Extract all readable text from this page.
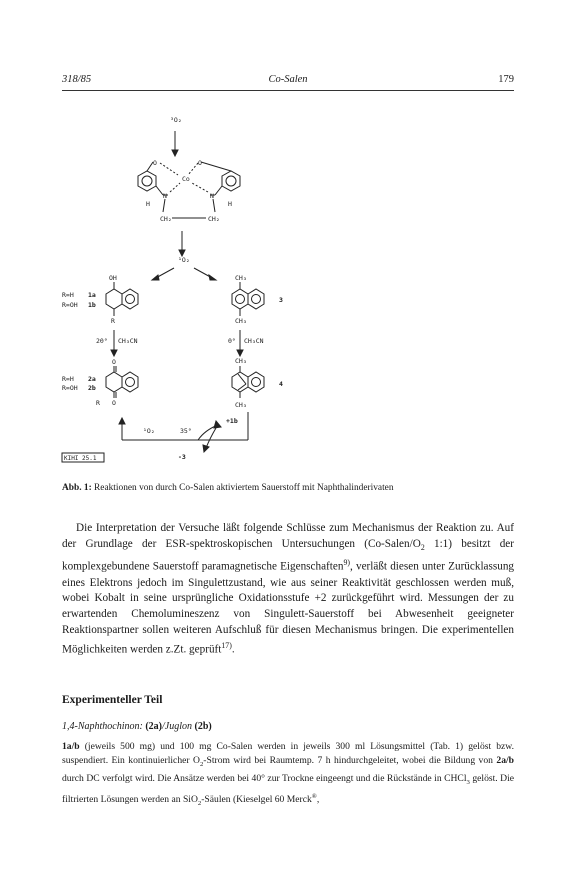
318/85	Co-Salen	179
³O₂
O	O
Co
N	N
H	H
CH₂	CH₂
¹O₂
OH
R
R=H 1a
R=OH 1b
20° CH₃CN	0° CH₃CN
CH₃
CH₃
3
R=H 2a
R=OH 2b
O
O
R
CH₃
CH₃
4
¹O₂	35°
+1b
-3
KIHI 25.1
Abb. 1: Reaktionen von durch Co-Salen aktiviertem Sauerstoff mit Naphthalinderivaten

Die Interpretation der Versuche läßt folgende Schlüsse zum Mechanismus der Reaktion zu. Auf der Grundlage der ESR-spektroskopischen Untersuchungen ($Co-Salen/O_2$ 1:1) besitzt der komplexgebundene Sauerstoff paramagnetische Eigenschaften$^{9)}$, verläßt diesen unter Zurücklassung eines Elektrons jedoch im Singulettzustand, wie aus seiner Reaktivität geschlossen werden muß, wobei Kobalt in seine ursprüngliche Oxidationsstufe +2 zurückgeführt wird. Messungen der zu erwartenden Chemolumineszenz von Singulett-Sauerstoff bei Abwesenheit geeigneter Reaktionspartner sollen weiteren Aufschluß für diesen Mechanismus bringen. Die experimentellen Möglichkeiten werden z.Zt. geprüft$^{17)}$.

Experimenteller Teil
1,4-Naphthochinon: (2a)/Juglon (2b)
1a/b (jeweils 500 mg) und 100 mg Co-Salen werden in jeweils 300 ml Lösungsmittel (Tab. 1) gelöst bzw. suspendiert. Ein kontinuierlicher $O_2$-Strom wird bei Raumtemp. 7 h hindurchgeleitet, wobei die Bildung von 2a/b durch DC verfolgt wird. Die Ansätze werden bei 40° zur Trockne eingeengt und die Rückstände in CHCl$_3$ gelöst. Die filtrierten Lösungen werden an SiO$_2$-Säulen (Kieselgel 60 Merck®,
